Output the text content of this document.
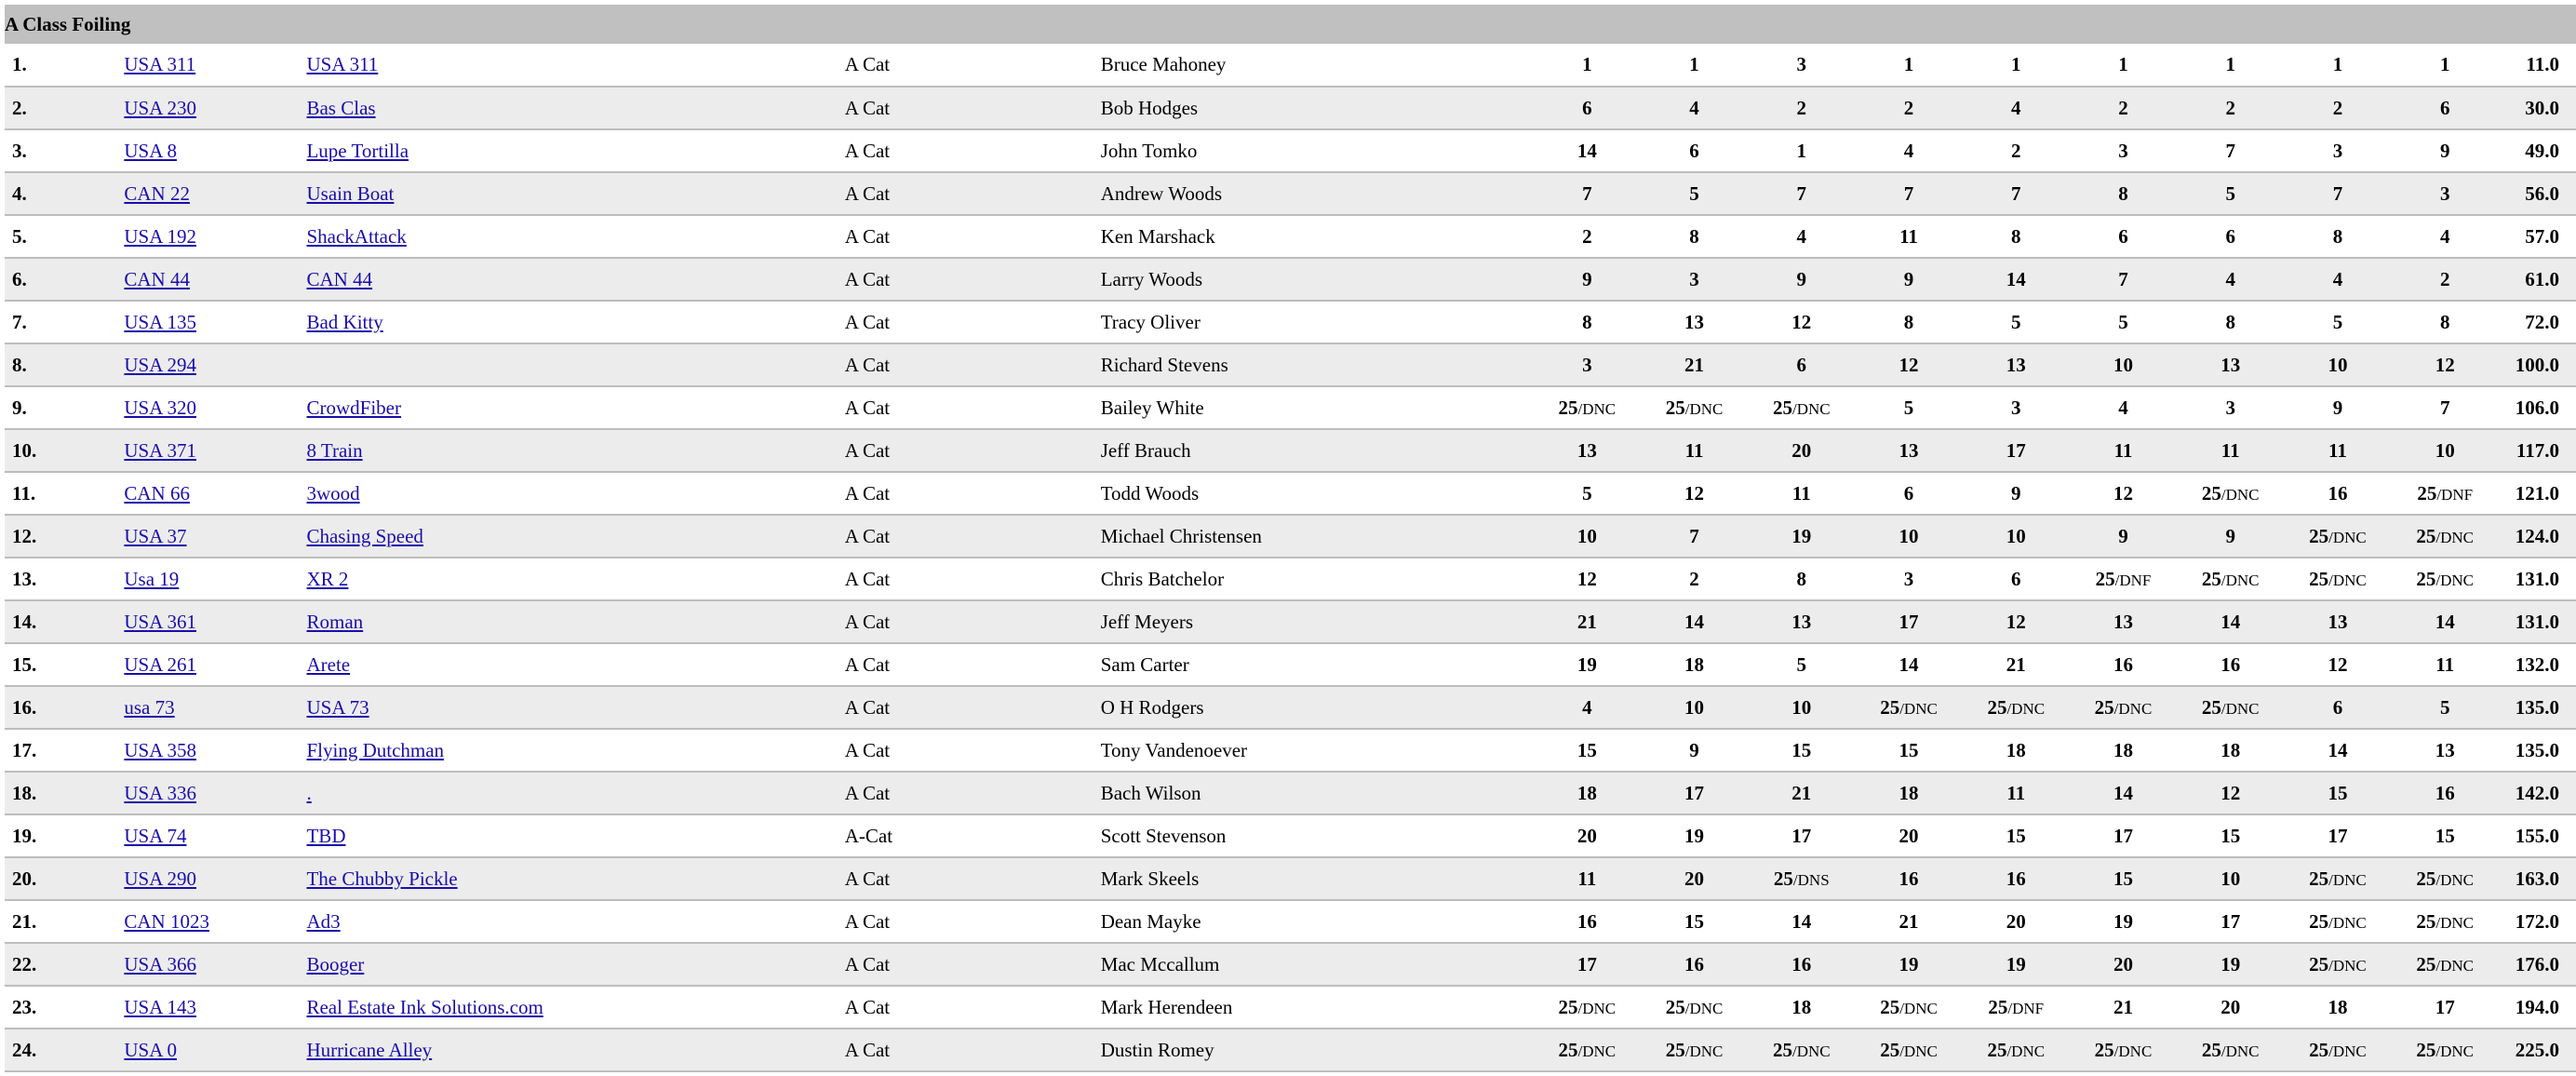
A Class Foiling														
1.	USA 311	USA 311	A Cat	Bruce Mahoney	1	1	3	1	1	1	1	1	1	11.0
2.	USA 230	Bas Clas	A Cat	Bob Hodges	6	4	2	2	4	2	2	2	6	30.0
3.	USA 8	Lupe Tortilla	A Cat	John Tomko	14	6	1	4	2	3	7	3	9	49.0
4.	CAN 22	Usain Boat	A Cat	Andrew Woods	7	5	7	7	7	8	5	7	3	56.0
5.	USA 192	ShackAttack	A Cat	Ken Marshack	2	8	4	11	8	6	6	8	4	57.0
6.	CAN 44	CAN 44	A Cat	Larry Woods	9	3	9	9	14	7	4	4	2	61.0
7.	USA 135	Bad Kitty	A Cat	Tracy Oliver	8	13	12	8	5	5	8	5	8	72.0
8.	USA 294		A Cat	Richard Stevens	3	21	6	12	13	10	13	10	12	100.0
9.	USA 320	CrowdFiber	A Cat	Bailey White	25/DNC	25/DNC	25/DNC	5	3	4	3	9	7	106.0
10.	USA 371	8 Train	A Cat	Jeff Brauch	13	11	20	13	17	11	11	11	10	117.0
11.	CAN 66	3wood	A Cat	Todd Woods	5	12	11	6	9	12	25/DNC	16	25/DNF	121.0
12.	USA 37	Chasing Speed	A Cat	Michael Christensen	10	7	19	10	10	9	9	25/DNC	25/DNC	124.0
13.	Usa 19	XR 2	A Cat	Chris Batchelor	12	2	8	3	6	25/DNF	25/DNC	25/DNC	25/DNC	131.0
14.	USA 361	Roman	A Cat	Jeff Meyers	21	14	13	17	12	13	14	13	14	131.0
15.	USA 261	Arete	A Cat	Sam Carter	19	18	5	14	21	16	16	12	11	132.0
16.	usa 73	USA 73	A Cat	O H Rodgers	4	10	10	25/DNC	25/DNC	25/DNC	25/DNC	6	5	135.0
17.	USA 358	Flying Dutchman	A Cat	Tony Vandenoever	15	9	15	15	18	18	18	14	13	135.0
18.	USA 336	.	A Cat	Bach Wilson	18	17	21	18	11	14	12	15	16	142.0
19.	USA 74	TBD	A-Cat	Scott Stevenson	20	19	17	20	15	17	15	17	15	155.0
20.	USA 290	The Chubby Pickle	A Cat	Mark Skeels	11	20	25/DNS	16	16	15	10	25/DNC	25/DNC	163.0
21.	CAN 1023	Ad3	A Cat	Dean Mayke	16	15	14	21	20	19	17	25/DNC	25/DNC	172.0
22.	USA 366	Booger	A Cat	Mac Mccallum	17	16	16	19	19	20	19	25/DNC	25/DNC	176.0
23.	USA 143	Real Estate Ink Solutions.com	A Cat	Mark Herendeen	25/DNC	25/DNC	18	25/DNC	25/DNF	21	20	18	17	194.0
24.	USA 0	Hurricane Alley	A Cat	Dustin Romey	25/DNC	25/DNC	25/DNC	25/DNC	25/DNC	25/DNC	25/DNC	25/DNC	25/DNC	225.0
